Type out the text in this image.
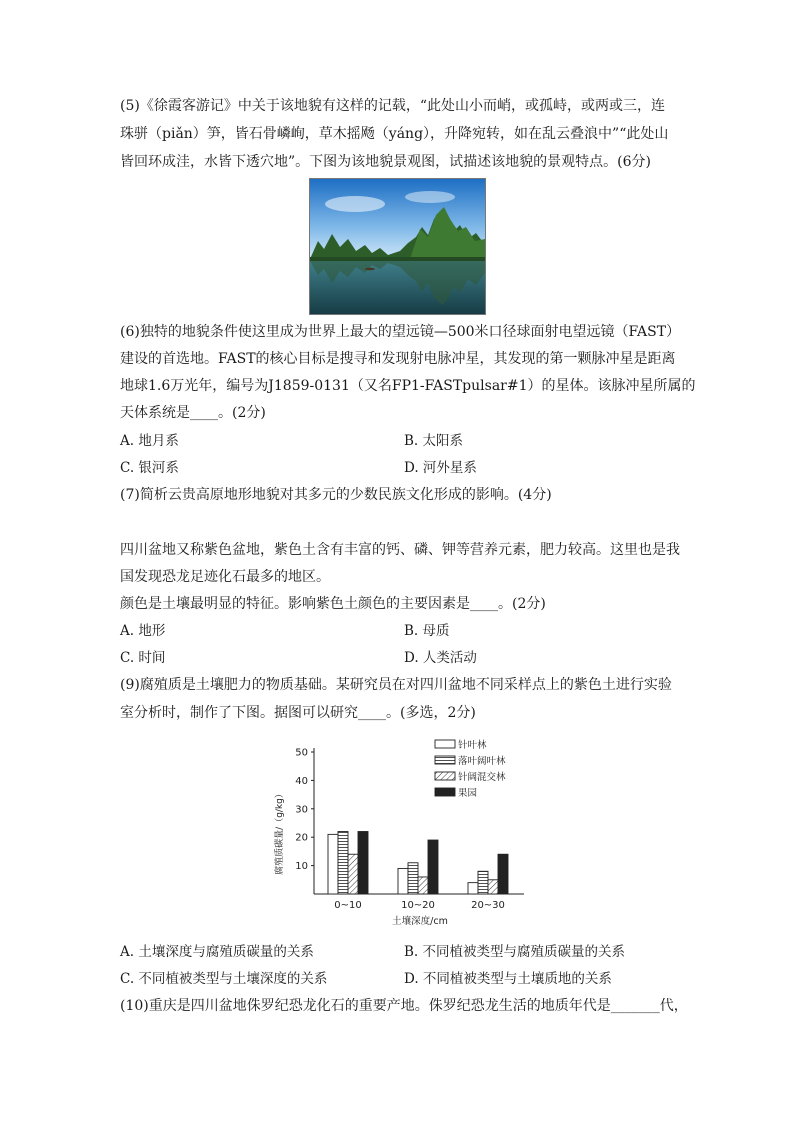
(5)《徐霞客游记》中关于该地貌有这样的记载，“此处山小而峭，或孤峙，或两或三，连
珠骈（piǎn）笋，皆石骨嶙峋，草木摇飏（yáng），升降宛转，如在乱云叠浪中”“此处山
皆回环成洼，水皆下透穴地”。下图为该地貌景观图，试描述该地貌的景观特点。(6分)
(6)独特的地貌条件使这里成为世界上最大的望远镜—500米口径球面射电望远镜（FAST）
建设的首选地。FAST的核心目标是搜寻和发现射电脉冲星，其发现的第一颗脉冲星是距离
地球1.6万光年，编号为J1859-0131（又名FP1-FASTpulsar#1）的星体。该脉冲星所属的
天体系统是____。(2分)
A. 地月系	B. 太阳系
C. 银河系	D. 河外星系
(7)简析云贵高原地形地貌对其多元的少数民族文化形成的影响。(4分)
四川盆地又称紫色盆地，紫色土含有丰富的钙、磷、钾等营养元素，肥力较高。这里也是我
国发现恐龙足迹化石最多的地区。
颜色是土壤最明显的特征。影响紫色土颜色的主要因素是____。(2分)
A. 地形	B. 母质
C. 时间	D. 人类活动
(9)腐殖质是土壤肥力的物质基础。某研究员在对四川盆地不同采样点上的紫色土进行实验
室分析时，制作了下图。据图可以研究____。(多选，2分)
10
20
30
40
50
0~10	10~20	20~30
针叶林
落叶阔叶林
针阔混交林
果园
腐殖质碳量/（g/kg）
土壤深度/cm
A. 土壤深度与腐殖质碳量的关系	B. 不同植被类型与腐殖质碳量的关系
C. 不同植被类型与土壤深度的关系	D. 不同植被类型与土壤质地的关系
(10)重庆是四川盆地侏罗纪恐龙化石的重要产地。侏罗纪恐龙生活的地质年代是_______代，
